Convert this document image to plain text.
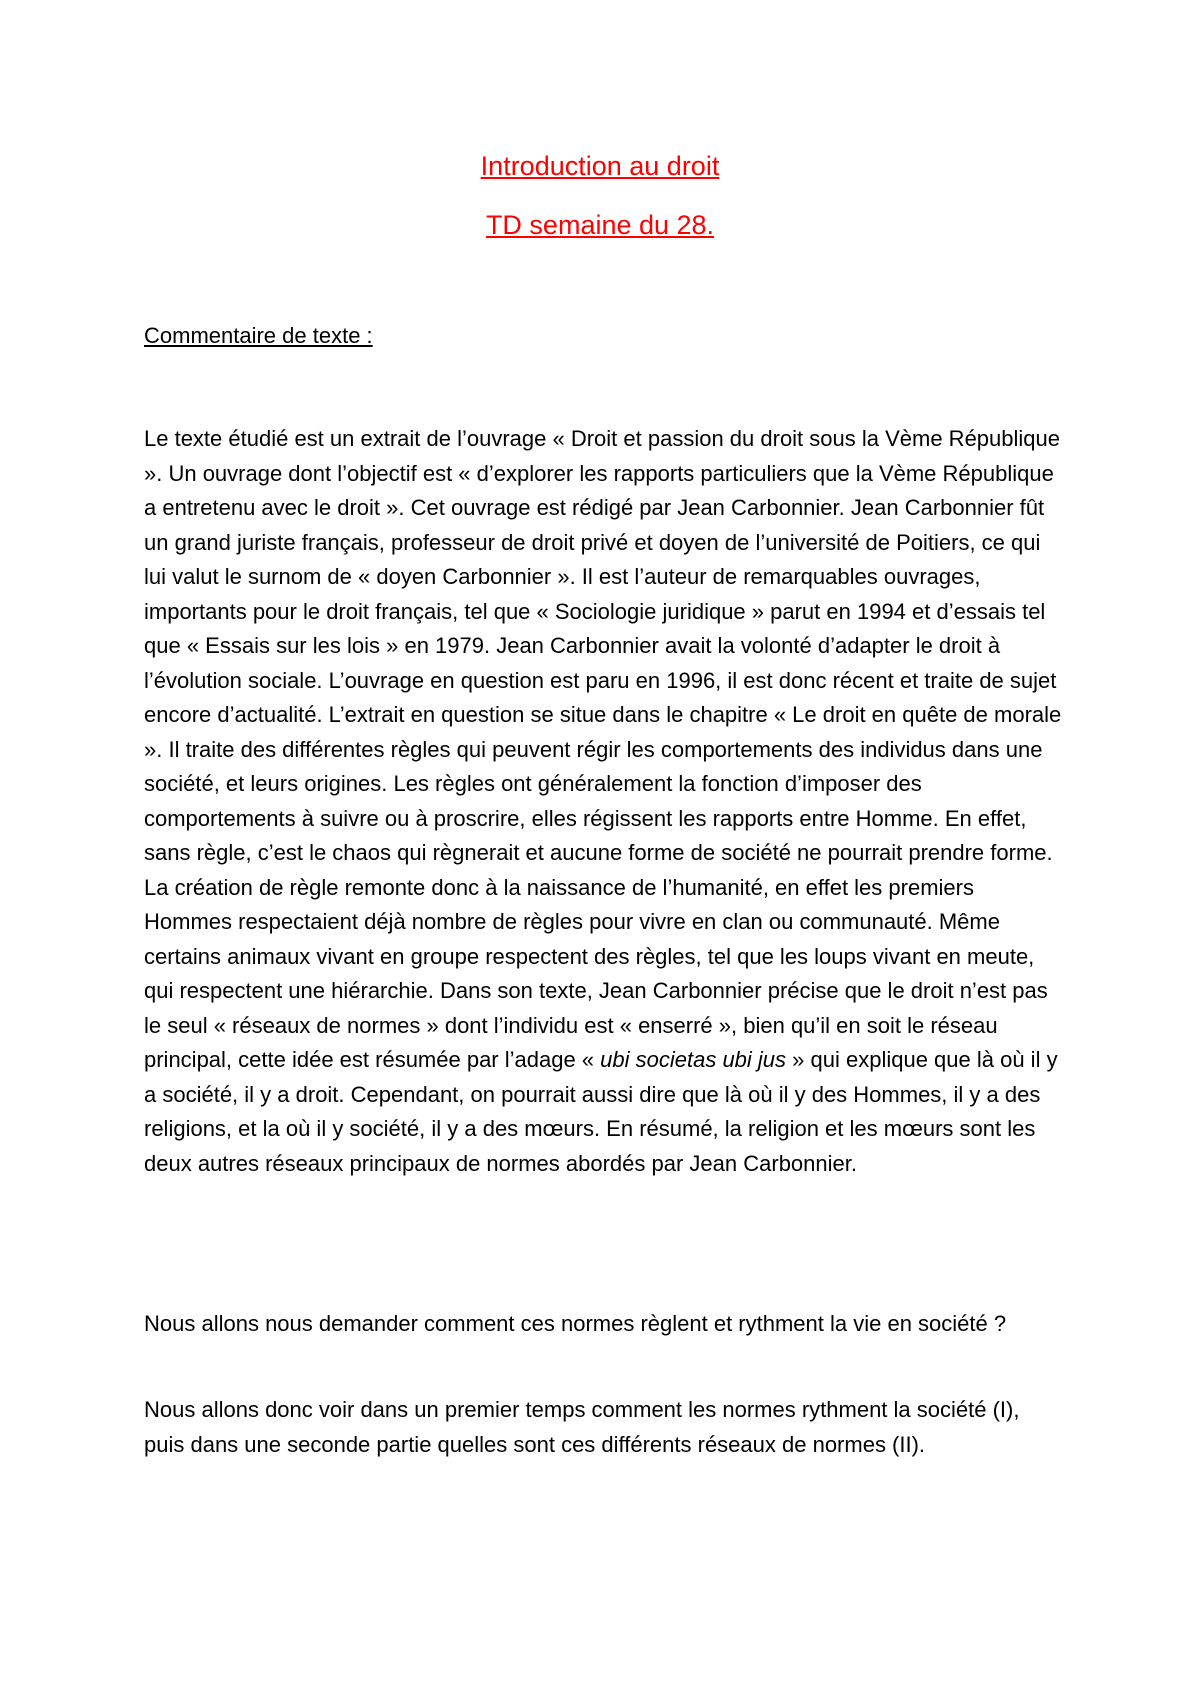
Introduction au droit
TD semaine du 28.
Commentaire de texte :

Le texte étudié est un extrait de l’ouvrage « Droit et passion du droit sous la Vème République ». Un ouvrage dont l’objectif est « d’explorer les rapports particuliers que la Vème République a entretenu avec le droit ». Cet ouvrage est rédigé par Jean Carbonnier. Jean Carbonnier fût un grand juriste français, professeur de droit privé et doyen de l’université de Poitiers, ce qui lui valut le surnom de « doyen Carbonnier ». Il est l’auteur de remarquables ouvrages, importants pour le droit français, tel que « Sociologie juridique » parut en 1994 et d’essais tel que « Essais sur les lois » en 1979. Jean Carbonnier avait la volonté d’adapter le droit à l’évolution sociale. L’ouvrage en question est paru en 1996, il est donc récent et traite de sujet encore d’actualité. L’extrait en question se situe dans le chapitre « Le droit en quête de morale ». Il traite des différentes règles qui peuvent régir les comportements des individus dans une société, et leurs origines. Les règles ont généralement la fonction d’imposer des comportements à suivre ou à proscrire, elles régissent les rapports entre Homme. En effet, sans règle, c’est le chaos qui règnerait et aucune forme de société ne pourrait prendre forme. La création de règle remonte donc à la naissance de l’humanité, en effet les premiers Hommes respectaient déjà nombre de règles pour vivre en clan ou communauté. Même certains animaux vivant en groupe respectent des règles, tel que les loups vivant en meute, qui respectent une hiérarchie. Dans son texte, Jean Carbonnier précise que le droit n’est pas le seul « réseaux de normes » dont l’individu est « enserré », bien qu’il en soit le réseau principal, cette idée est résumée par l’adage « ubi societas ubi jus » qui explique que là où il y a société, il y a droit. Cependant, on pourrait aussi dire que là où il y des Hommes, il y a des religions, et la où il y société, il y a des mœurs. En résumé, la religion et les mœurs sont les deux autres réseaux principaux de normes abordés par Jean Carbonnier.

Nous allons nous demander comment ces normes règlent et rythment la vie en société ?

Nous allons donc voir dans un premier temps comment les normes rythment la société (I), puis dans une seconde partie quelles sont ces différents réseaux de normes (II).
